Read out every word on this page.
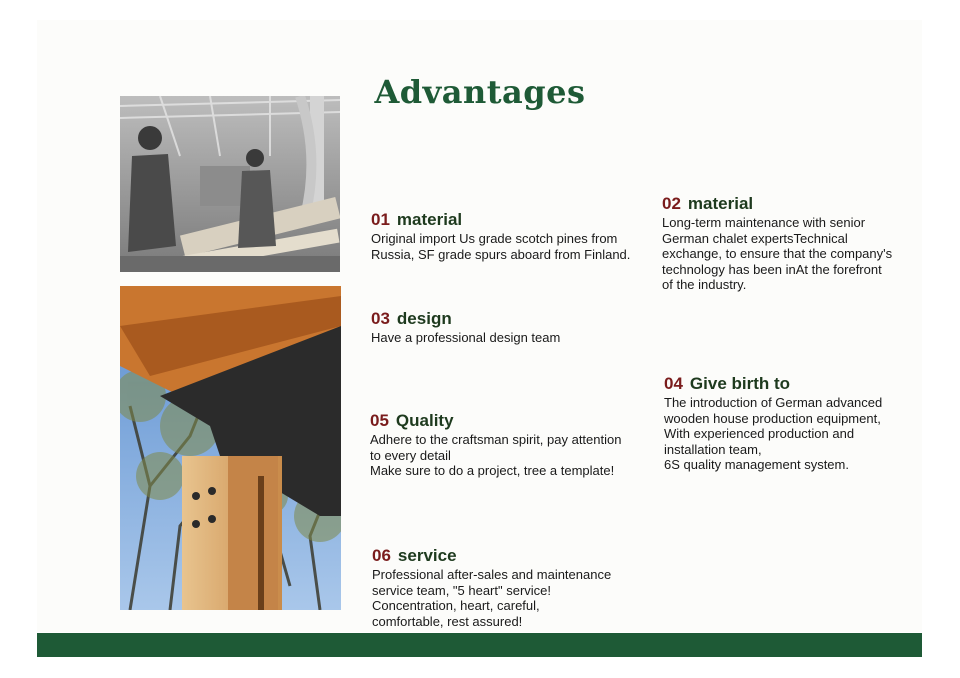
Advantages
01 material
Original import Us grade scotch pines from
Russia, SF grade spurs aboard from Finland.
02 material
Long-term maintenance with senior
German chalet expertsTechnical
exchange, to ensure that the company's
technology has been inAt the forefront
of the industry.
03 design
Have a professional design team
04 Give birth to
The introduction of German advanced
wooden house production equipment,
With experienced production and
installation team,
6S quality management system.
05 Quality
Adhere to the craftsman spirit, pay attention
to every detail
Make sure to do a project, tree a template!
06 service
Professional after-sales and maintenance
service team, "5 heart" service!
Concentration, heart, careful,
comfortable, rest assured!
